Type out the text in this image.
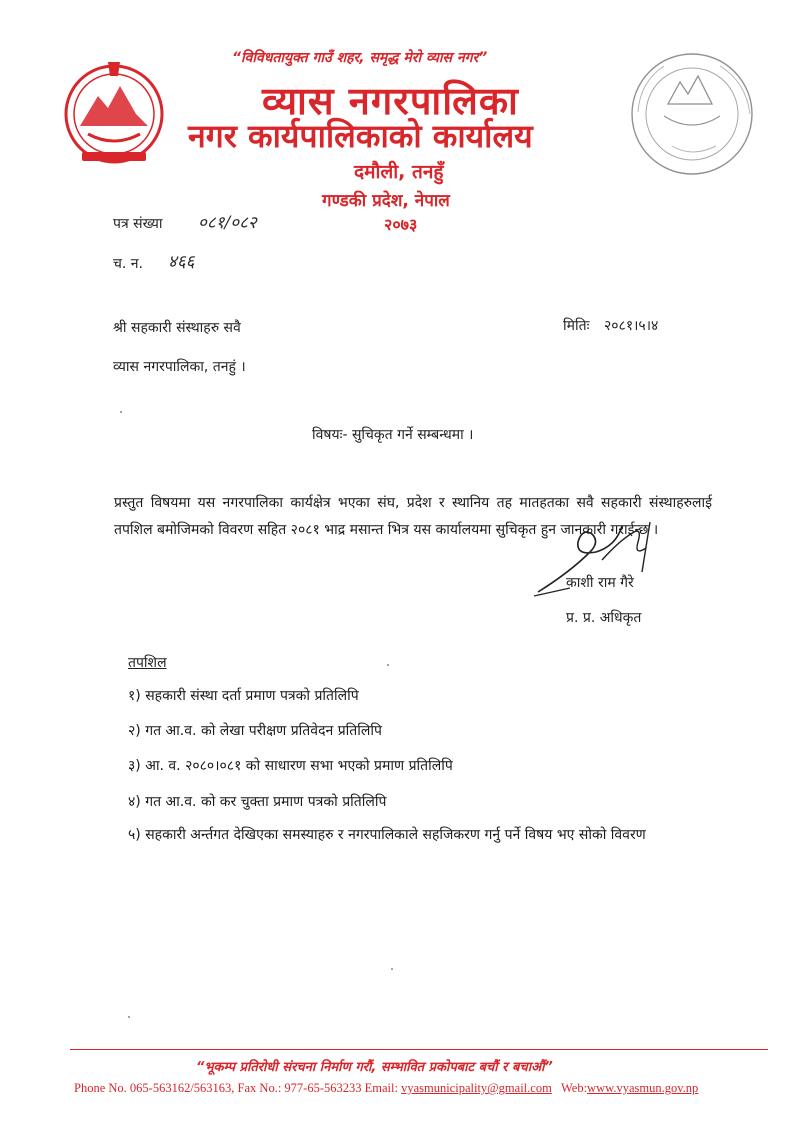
“विविधतायुक्त गाउँ शहर, समृद्ध मेरो व्यास नगर”
व्यास नगरपालिका
नगर कार्यपालिकाको कार्यालय
दमौली, तनहुँ
गण्डकी प्रदेश, नेपाल
२०७३
पत्र संख्या ०८१/०८२
च. न. ४६६
श्री सहकारी संस्थाहरु सवै	मितिः २०८१।५।४
व्यास नगरपालिका, तनहुं ।
विषयः- सुचिकृत गर्ने सम्बन्धमा ।
प्रस्तुत विषयमा यस नगरपालिका कार्यक्षेत्र भएका संघ, प्रदेश र स्थानिय तह मातहतका सवै सहकारी संस्थाहरुलाई तपशिल बमोजिमको विवरण सहित २०८१ भाद्र मसान्त भित्र यस कार्यालयमा सुचिकृत हुन जानकारी गराईन्छ ।
काशी राम गैरे
प्र. प्र. अधिकृत
तपशिल
१) सहकारी संस्था दर्ता प्रमाण पत्रको प्रतिलिपि
२) गत आ.व. को लेखा परीक्षण प्रतिवेदन प्रतिलिपि
३) आ. व. २०८०।०८१ को साधारण सभा भएको प्रमाण प्रतिलिपि
४) गत आ.व. को कर चुक्ता प्रमाण पत्रको प्रतिलिपि
५) सहकारी अर्न्तगत देखिएका समस्याहरु र नगरपालिकाले सहजिकरण गर्नु पर्ने विषय भए सोको विवरण
“भूकम्प प्रतिरोधी संरचना निर्माण गरौं, सम्भावित प्रकोपबाट बचौं र बचाऔं”
Phone No. 065-563162/563163, Fax No.: 977-65-563233 Email: vyasmunicipality@gmail.com Web:www.vyasmun.gov.np
